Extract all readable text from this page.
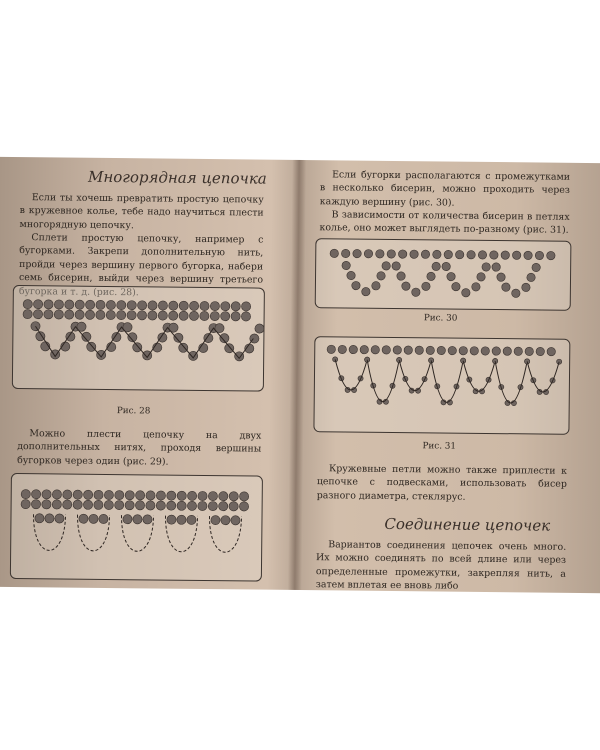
Многорядная цепочка
Если ты хочешь превратить простую цепочку в кружевное колье, тебе надо научиться плести многорядную цепочку.
Сплети простую цепочку, например с бугорками. Закрепи дополнительную нить, пройди через вершину первого бугорка, набери семь бисерин, выйди через вершину третьего бугорка и т. д. (рис. 28).
Рис. 28
Можно плести цепочку на двух дополнительных нитях, проходя вершины бугорков через один (рис. 29).
Если бугорки располагаются с промежутками в несколько бисерин, можно проходить через каждую вершину (рис. 30).
В зависимости от количества бисерин в петлях колье, оно может выглядеть по-разному (рис. 31).
Рис. 30
Рис. 31
Кружевные петли можно также приплести к цепочке с подвесками, использовать бисер разного диаметра, стеклярус.
Соединение цепочек
Вариантов соединения цепочек очень много. Их можно соединять по всей длине или через определенные промежутки, закрепляя нить, а затем вплетая ее вновь либо
